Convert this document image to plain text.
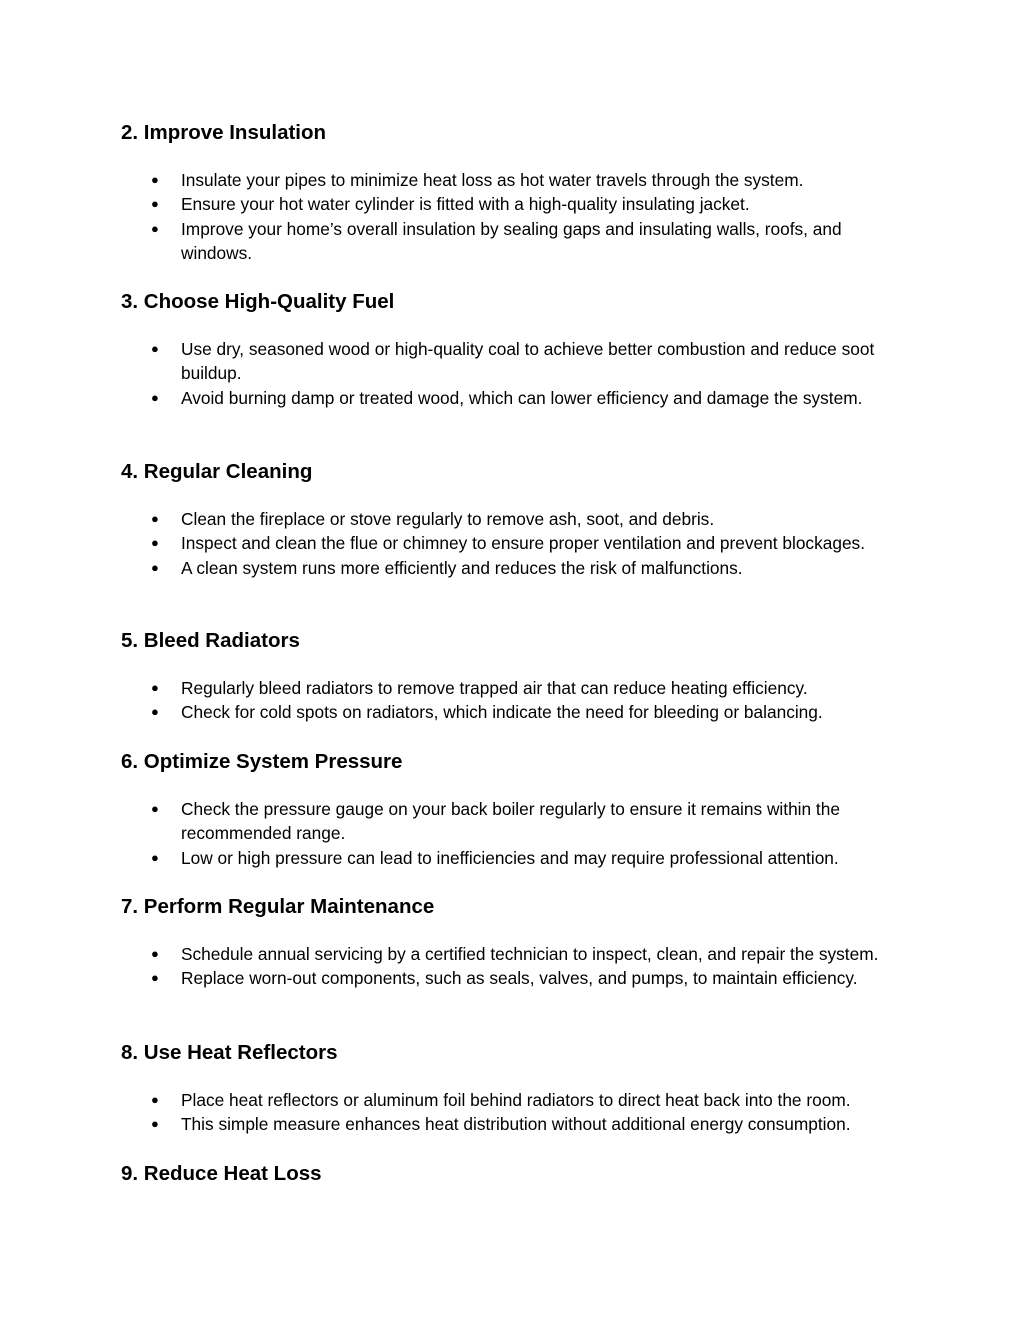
2. Improve Insulation
● Insulate your pipes to minimize heat loss as hot water travels through the system.
● Ensure your hot water cylinder is fitted with a high-quality insulating jacket.
● Improve your home’s overall insulation by sealing gaps and insulating walls, roofs, and windows.
3. Choose High-Quality Fuel
● Use dry, seasoned wood or high-quality coal to achieve better combustion and reduce soot buildup.
● Avoid burning damp or treated wood, which can lower efficiency and damage the system.
4. Regular Cleaning
● Clean the fireplace or stove regularly to remove ash, soot, and debris.
● Inspect and clean the flue or chimney to ensure proper ventilation and prevent blockages.
● A clean system runs more efficiently and reduces the risk of malfunctions.
5. Bleed Radiators
● Regularly bleed radiators to remove trapped air that can reduce heating efficiency.
● Check for cold spots on radiators, which indicate the need for bleeding or balancing.
6. Optimize System Pressure
● Check the pressure gauge on your back boiler regularly to ensure it remains within the recommended range.
● Low or high pressure can lead to inefficiencies and may require professional attention.
7. Perform Regular Maintenance
● Schedule annual servicing by a certified technician to inspect, clean, and repair the system.
● Replace worn-out components, such as seals, valves, and pumps, to maintain efficiency.
8. Use Heat Reflectors
● Place heat reflectors or aluminum foil behind radiators to direct heat back into the room.
● This simple measure enhances heat distribution without additional energy consumption.
9. Reduce Heat Loss
